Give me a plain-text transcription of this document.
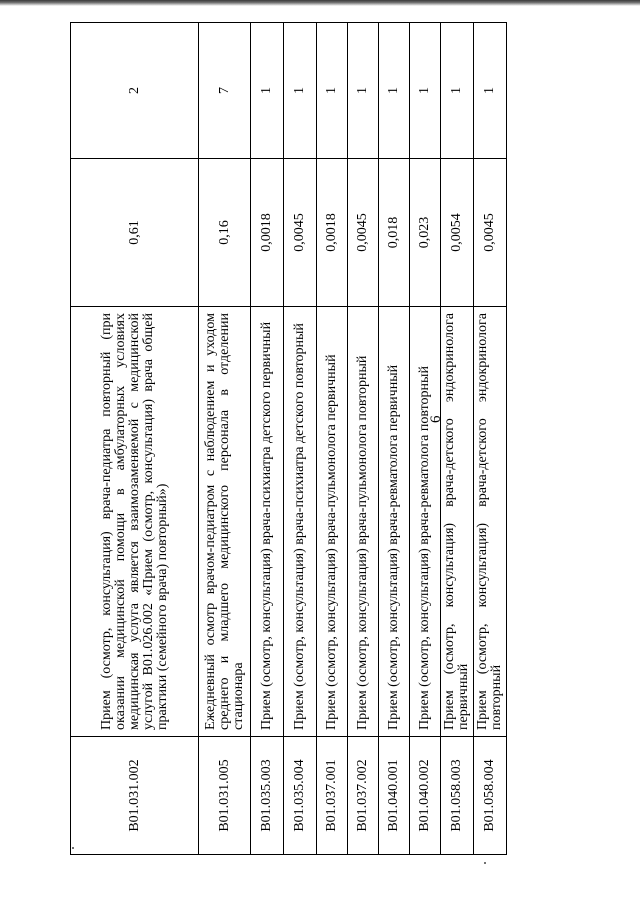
6
B01.031.002	Прием (осмотр, консультация) врача-педиатра повторный (при оказании медицинской помощи в амбулаторных условиях медицинская услуга является взаимозаменяемой с медицинской услугой B01.026.002 «Прием (осмотр, консультация) врача общей практики (семейного врача) повторный»)	0,61	2
B01.031.005	Ежедневный осмотр врачом-педиатром с наблюдением и уходом среднего и младшего медицинского персонала в отделении стационара	0,16	7
B01.035.003	Прием (осмотр, консультация) врача-психиатра детского первичный	0,0018	1
B01.035.004	Прием (осмотр, консультация) врача-психиатра детского повторный	0,0045	1
B01.037.001	Прием (осмотр, консультация) врача-пульмонолога первичный	0,0018	1
B01.037.002	Прием (осмотр, консультация) врача-пульмонолога повторный	0,0045	1
B01.040.001	Прием (осмотр, консультация) врача-ревматолога первичный	0,018	1
B01.040.002	Прием (осмотр, консультация) врача-ревматолога повторный	0,023	1
B01.058.003	Прием (осмотр, консультация) врача-детского эндокринолога первичный	0,0054	1
B01.058.004	Прием (осмотр, консультация) врача-детского эндокринолога повторный	0,0045	1
